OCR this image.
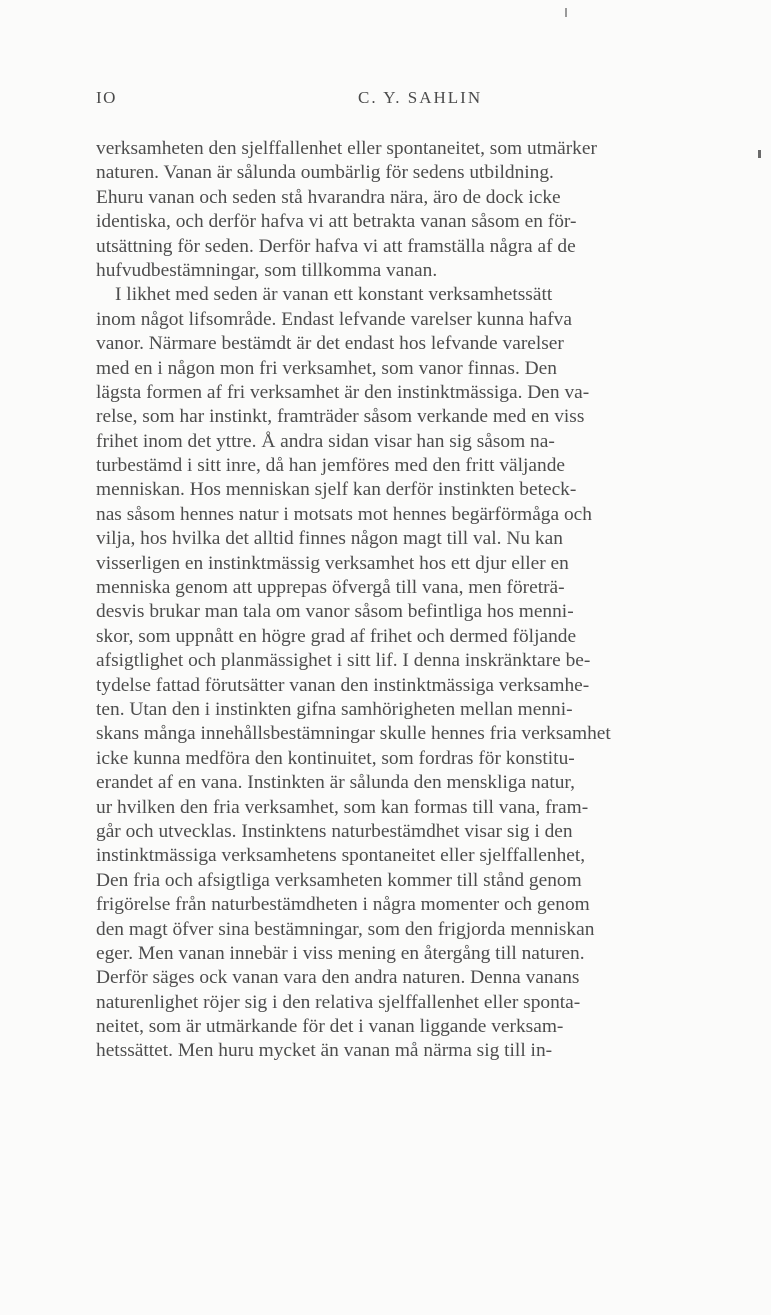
IO	C. Y. SAHLIN
verksamheten den sjelffallenhet eller spontaneitet, som utmärker
naturen. Vanan är sålunda oumbärlig för sedens utbildning.
Ehuru vanan och seden stå hvarandra nära, äro de dock icke
identiska, och derför hafva vi att betrakta vanan såsom en för-
utsättning för seden. Derför hafva vi att framställa några af de
hufvudbestämningar, som tillkomma vanan.
I likhet med seden är vanan ett konstant verksamhetssätt
inom något lifsområde. Endast lefvande varelser kunna hafva
vanor. Närmare bestämdt är det endast hos lefvande varelser
med en i någon mon fri verksamhet, som vanor finnas. Den
lägsta formen af fri verksamhet är den instinktmässiga. Den va-
relse, som har instinkt, framträder såsom verkande med en viss
frihet inom det yttre. Å andra sidan visar han sig såsom na-
turbestämd i sitt inre, då han jemföres med den fritt väljande
menniskan. Hos menniskan sjelf kan derför instinkten beteck-
nas såsom hennes natur i motsats mot hennes begärförmåga och
vilja, hos hvilka det alltid finnes någon magt till val. Nu kan
visserligen en instinktmässig verksamhet hos ett djur eller en
menniska genom att upprepas öfvergå till vana, men företrä-
desvis brukar man tala om vanor såsom befintliga hos menni-
skor, som uppnått en högre grad af frihet och dermed följande
afsigtlighet och planmässighet i sitt lif. I denna inskränktare be-
tydelse fattad förutsätter vanan den instinktmässiga verksamhe-
ten. Utan den i instinkten gifna samhörigheten mellan menni-
skans många innehållsbestämningar skulle hennes fria verksamhet
icke kunna medföra den kontinuitet, som fordras för konstitu-
erandet af en vana. Instinkten är sålunda den menskliga natur,
ur hvilken den fria verksamhet, som kan formas till vana, fram-
går och utvecklas. Instinktens naturbestämdhet visar sig i den
instinktmässiga verksamhetens spontaneitet eller sjelffallenhet,
Den fria och afsigtliga verksamheten kommer till stånd genom
frigörelse från naturbestämdheten i några momenter och genom
den magt öfver sina bestämningar, som den frigjorda menniskan
eger. Men vanan innebär i viss mening en återgång till naturen.
Derför säges ock vanan vara den andra naturen. Denna vanans
naturenlighet röjer sig i den relativa sjelffallenhet eller sponta-
neitet, som är utmärkande för det i vanan liggande verksam-
hetssättet. Men huru mycket än vanan må närma sig till in-
